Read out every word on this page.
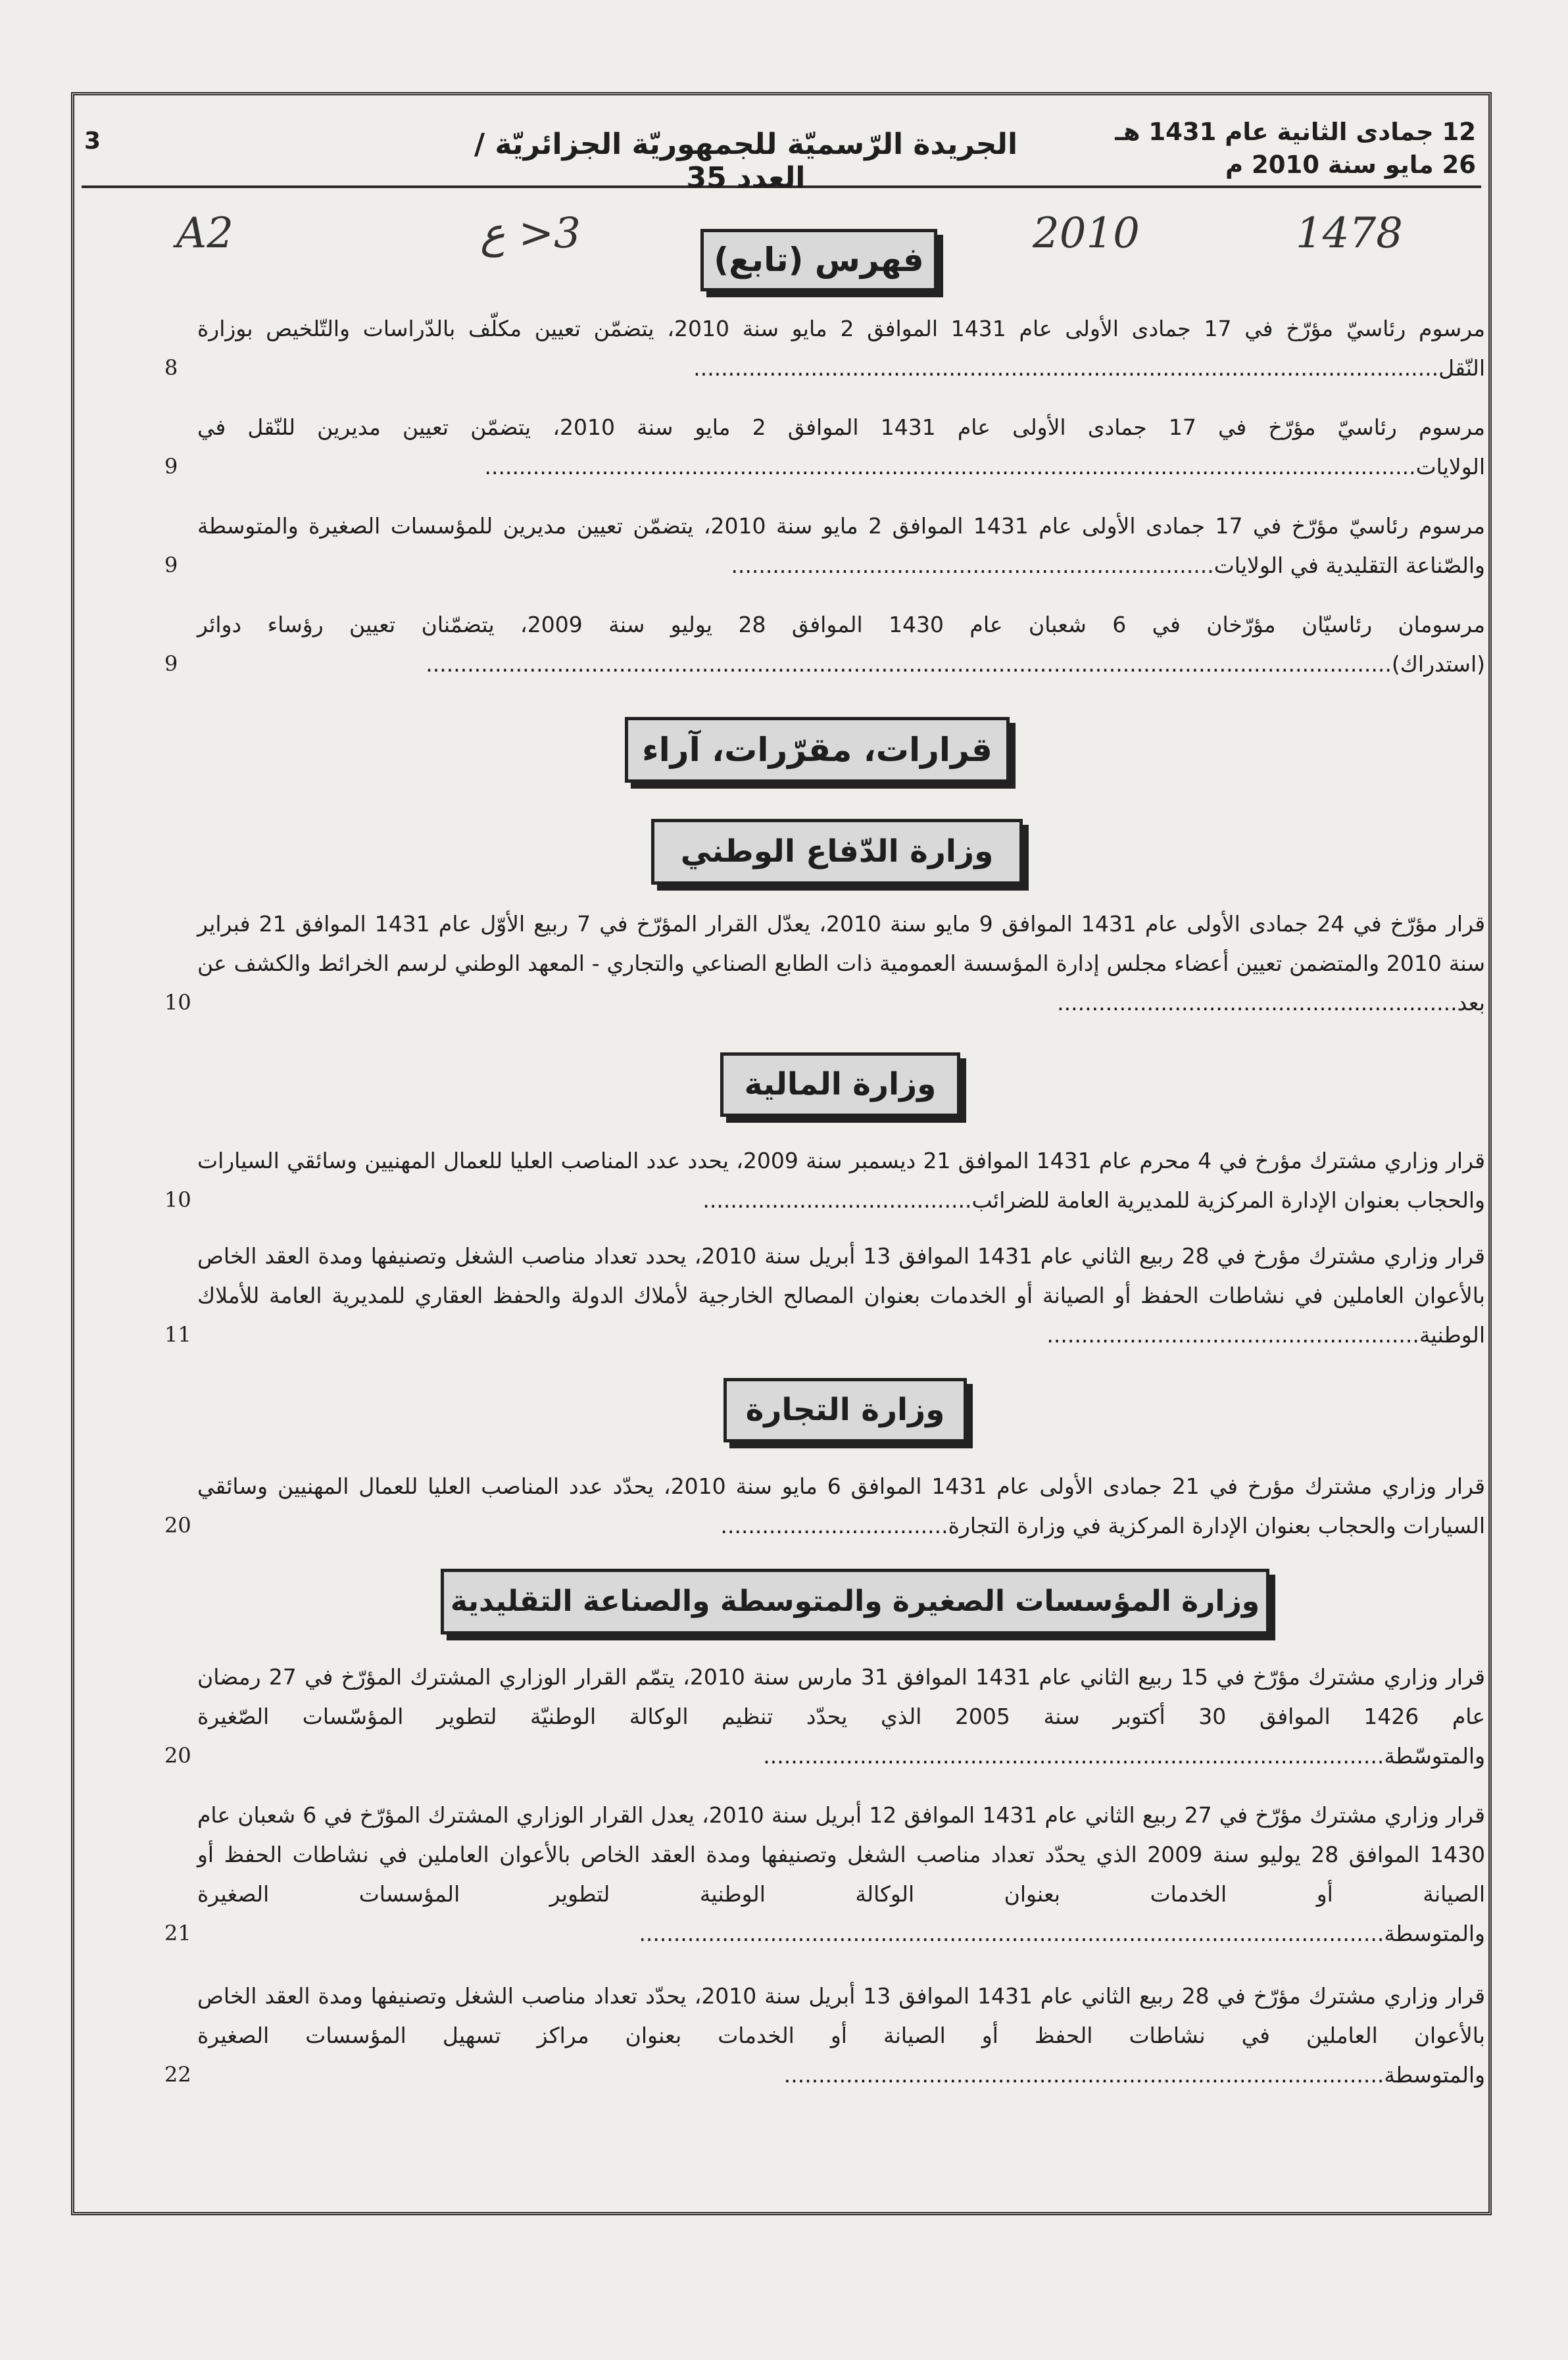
12 جمادى الثانية عام 1431 هـ
26 مايو سنة 2010 م
الجريدة الرّسميّة للجمهوريّة الجزائريّة / العدد 35
3
1478
2010
3< ع
A2
فهرس (تابع)

مرسوم رئاسيّ مؤرّخ في 17 جمادى الأولى عام 1431 الموافق 2 مايو سنة 2010، يتضمّن تعيين مكلّف بالدّراسات والتّلخيص بوزارة النّقل............................................................................................................

8

مرسوم رئاسيّ مؤرّخ في 17 جمادى الأولى عام 1431 الموافق 2 مايو سنة 2010، يتضمّن تعيين مديرين للنّقل في الولايات.......................................................................................................................................

9

مرسوم رئاسيّ مؤرّخ في 17 جمادى الأولى عام 1431 الموافق 2 مايو سنة 2010، يتضمّن تعيين مديرين للمؤسسات الصغيرة والمتوسطة والصّناعة التقليدية في الولايات......................................................................

9

مرسومان رئاسيّان مؤرّخان في 6 شعبان عام 1430 الموافق 28 يوليو سنة 2009، يتضمّنان تعيين رؤساء دوائر (استدراك)............................................................................................................................................

9
قرارات، مقرّرات، آراء
وزارة الدّفاع الوطني

قرار مؤرّخ في 24 جمادى الأولى عام 1431 الموافق 9 مايو سنة 2010، يعدّل القرار المؤرّخ في 7 ربيع الأوّل عام 1431 الموافق 21 فبراير سنة 2010 والمتضمن تعيين أعضاء مجلس إدارة المؤسسة العمومية ذات الطابع الصناعي والتجاري - المعهد الوطني لرسم الخرائط والكشف عن بعد..........................................................

10
وزارة المالية

قرار وزاري مشترك مؤرخ في 4 محرم عام 1431 الموافق 21 ديسمبر سنة 2009، يحدد عدد المناصب العليا للعمال المهنيين وسائقي السيارات والحجاب بعنوان الإدارة المركزية للمديرية العامة للضرائب.......................................

10

قرار وزاري مشترك مؤرخ في 28 ربيع الثاني عام 1431 الموافق 13 أبريل سنة 2010، يحدد تعداد مناصب الشغل وتصنيفها ومدة العقد الخاص بالأعوان العاملين في نشاطات الحفظ أو الصيانة أو الخدمات بعنوان المصالح الخارجية لأملاك الدولة والحفظ العقاري للمديرية العامة للأملاك الوطنية......................................................

11
وزارة التجارة

قرار وزاري مشترك مؤرخ في 21 جمادى الأولى عام 1431 الموافق 6 مايو سنة 2010، يحدّد عدد المناصب العليا للعمال المهنيين وسائقي السيارات والحجاب بعنوان الإدارة المركزية في وزارة التجارة.................................

20
وزارة المؤسسات الصغيرة والمتوسطة والصناعة التقليدية

قرار وزاري مشترك مؤرّخ في 15 ربيع الثاني عام 1431 الموافق 31 مارس سنة 2010، يتمّم القرار الوزاري المشترك المؤرّخ في 27 رمضان عام 1426 الموافق 30 أكتوبر سنة 2005 الذي يحدّد تنظيم الوكالة الوطنيّة لتطوير المؤسّسات الصّغيرة والمتوسّطة..........................................................................................

20

قرار وزاري مشترك مؤرّخ في 27 ربيع الثاني عام 1431 الموافق 12 أبريل سنة 2010، يعدل القرار الوزاري المشترك المؤرّخ في 6 شعبان عام 1430 الموافق 28 يوليو سنة 2009 الذي يحدّد تعداد مناصب الشغل وتصنيفها ومدة العقد الخاص بالأعوان العاملين في نشاطات الحفظ أو الصيانة أو الخدمات بعنوان الوكالة الوطنية لتطوير المؤسسات الصغيرة والمتوسطة............................................................................................................

21

قرار وزاري مشترك مؤرّخ في 28 ربيع الثاني عام 1431 الموافق 13 أبريل سنة 2010، يحدّد تعداد مناصب الشغل وتصنيفها ومدة العقد الخاص بالأعوان العاملين في نشاطات الحفظ أو الصيانة أو الخدمات بعنوان مراكز تسهيل المؤسسات الصغيرة والمتوسطة.......................................................................................

22
